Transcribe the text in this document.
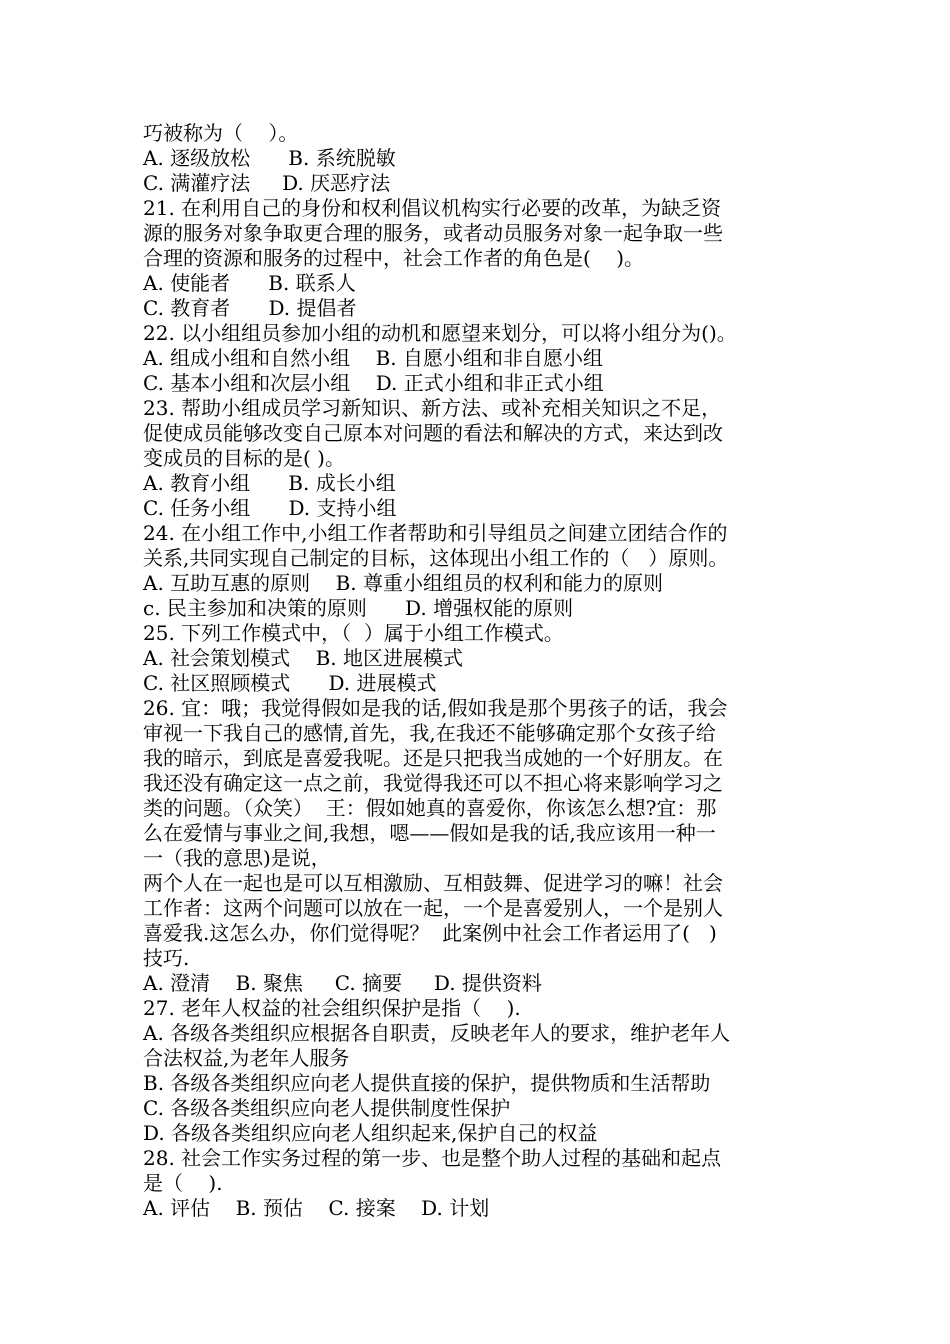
巧被称为（    ）。
A. 逐级放松      B. 系统脱敏
C. 满灌疗法     D. 厌恶疗法
21. 在利用自己的身份和权利倡议机构实行必要的改革，为缺乏资
源的服务对象争取更合理的服务，或者动员服务对象一起争取一些
合理的资源和服务的过程中，社会工作者的角色是(    )。
A. 使能者      B. 联系人
C. 教育者      D. 提倡者
22. 以小组组员参加小组的动机和愿望来划分，可以将小组分为()。
A. 组成小组和自然小组    B. 自愿小组和非自愿小组
C. 基本小组和次层小组    D. 正式小组和非正式小组
23. 帮助小组成员学习新知识、新方法、或补充相关知识之不足，
促使成员能够改变自己原本对问题的看法和解决的方式，来达到改
变成员的目标的是( )。
A. 教育小组      B. 成长小组
C. 任务小组      D. 支持小组
24. 在小组工作中,小组工作者帮助和引导组员之间建立团结合作的
关系,共同实现自己制定的目标，这体现出小组工作的（   ）原则。
A. 互助互惠的原则    B. 尊重小组组员的权利和能力的原则
c. 民主参加和决策的原则      D. 增强权能的原则
25. 下列工作模式中，（  ）属于小组工作模式。
A. 社会策划模式    B. 地区进展模式
C. 社区照顾模式      D. 进展模式
26. 宜：哦；我觉得假如是我的话,假如我是那个男孩子的话，我会
审视一下我自己的感情,首先，我,在我还不能够确定那个女孩子给
我的暗示，到底是喜爱我呢。还是只把我当成她的一个好朋友。在
我还没有确定这一点之前，我觉得我还可以不担心将来影响学习之
类的问题。（众笑）  王：假如她真的喜爱你，你该怎么想?宜：那
么在爱情与事业之间,我想，嗯——假如是我的话,我应该用一种一
一（我的意思)是说，
两个人在一起也是可以互相激励、互相鼓舞、促进学习的嘛！社会
工作者：这两个问题可以放在一起，一个是喜爱别人，一个是别人
喜爱我.这怎么办，你们觉得呢？  此案例中社会工作者运用了(   )
技巧.
A. 澄清    B. 聚焦     C. 摘要     D. 提供资料
27. 老年人权益的社会组织保护是指（    ).
A. 各级各类组织应根据各自职责，反映老年人的要求，维护老年人
合法权益,为老年人服务
B. 各级各类组织应向老人提供直接的保护，提供物质和生活帮助
C. 各级各类组织应向老人提供制度性保护
D. 各级各类组织应向老人组织起来,保护自己的权益
28. 社会工作实务过程的第一步、也是整个助人过程的基础和起点
是（    ).
A. 评估    B. 预估    C. 接案    D. 计划
